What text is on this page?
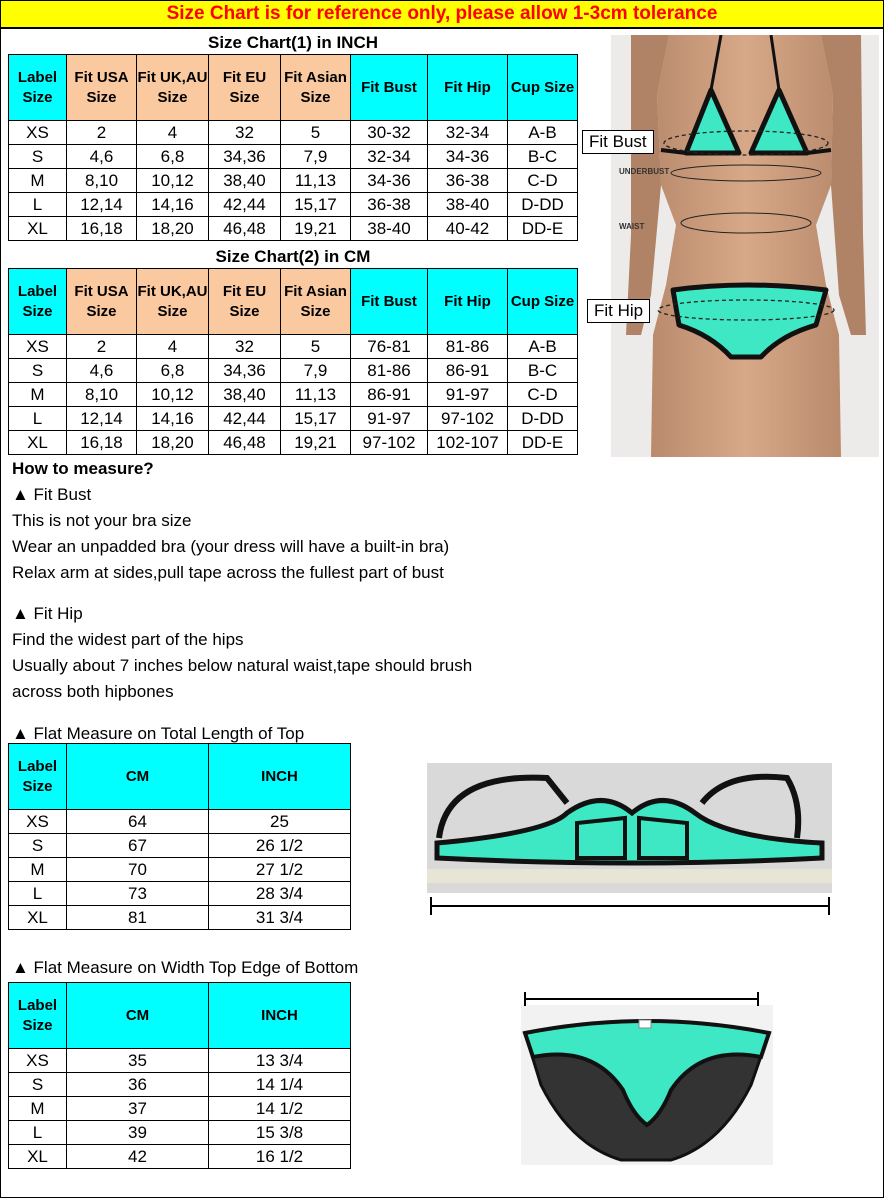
Size Chart is for reference only, please allow 1-3cm tolerance
Size Chart(1) in INCH
Label Size	Fit USA Size	Fit UK,AU Size	Fit EU Size	Fit Asian Size	Fit Bust	Fit Hip	Cup Size
XS	2	4	32	5	30-32	32-34	A-B
S	4,6	6,8	34,36	7,9	32-34	34-36	B-C
M	8,10	10,12	38,40	11,13	34-36	36-38	C-D
L	12,14	14,16	42,44	15,17	36-38	38-40	D-DD
XL	16,18	18,20	46,48	19,21	38-40	40-42	DD-E
Size Chart(2) in CM
Label Size	Fit USA Size	Fit UK,AU Size	Fit EU Size	Fit Asian Size	Fit Bust	Fit Hip	Cup Size
XS	2	4	32	5	76-81	81-86	A-B
S	4,6	6,8	34,36	7,9	81-86	86-91	B-C
M	8,10	10,12	38,40	11,13	86-91	91-97	C-D
L	12,14	14,16	42,44	15,17	91-97	97-102	D-DD
XL	16,18	18,20	46,48	19,21	97-102	102-107	DD-E
UNDERBUST
WAIST
Fit Bust
Fit Hip
How to measure?
▲ Fit Bust
This is not your bra size
Wear an unpadded bra (your dress will have a built-in bra)
Relax arm at sides,pull tape across the fullest part of bust
▲ Fit Hip
Find the widest part of the hips
Usually about 7 inches below natural waist,tape should brush
across both hipbones
▲ Flat Measure on Total Length of Top
Label Size	CM	INCH
XS	64	25
S	67	26 1/2
M	70	27 1/2
L	73	28 3/4
XL	81	31 3/4
▲ Flat Measure on Width Top Edge of Bottom
Label Size	CM	INCH
XS	35	13 3/4
S	36	14 1/4
M	37	14 1/2
L	39	15 3/8
XL	42	16 1/2
